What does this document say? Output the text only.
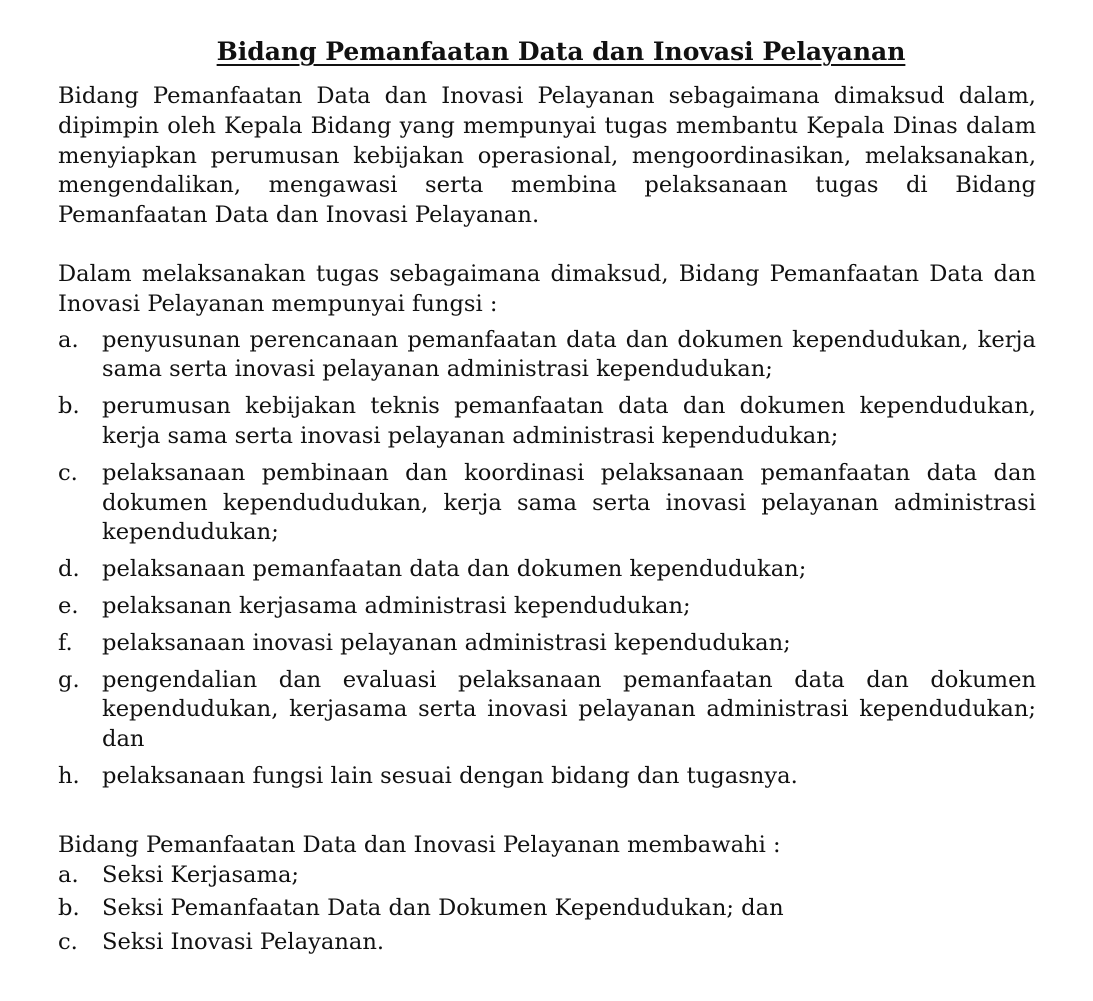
Bidang Pemanfaatan Data dan Inovasi Pelayanan

Bidang Pemanfaatan Data dan Inovasi Pelayanan sebagaimana dimaksud dalam, dipimpin oleh Kepala Bidang yang mempunyai tugas membantu Kepala Dinas dalam menyiapkan perumusan kebijakan operasional, mengoordinasikan, melaksanakan, mengendalikan, mengawasi serta membina pelaksanaan tugas di Bidang Pemanfaatan Data dan Inovasi Pelayanan.

Dalam melaksanakan tugas sebagaimana dimaksud, Bidang Pemanfaatan Data dan Inovasi Pelayanan mempunyai fungsi :

a.	penyusunan perencanaan pemanfaatan data dan dokumen kependudukan, kerja sama serta inovasi pelayanan administrasi kependudukan;
b. perumusan kebijakan teknis pemanfaatan data dan dokumen kependudukan, kerja sama serta inovasi pelayanan administrasi kependudukan;
c.	pelaksanaan pembinaan dan koordinasi pelaksanaan pemanfaatan data dan dokumen kependududukan, kerja sama serta inovasi pelayanan administrasi kependudukan;
d. pelaksanaan pemanfaatan data dan dokumen kependudukan;
e.	pelaksanan kerjasama administrasi kependudukan;
f.	pelaksanaan inovasi pelayanan administrasi kependudukan;
g. pengendalian dan evaluasi pelaksanaan pemanfaatan data dan dokumen kependudukan, kerjasama serta inovasi pelayanan administrasi kependudukan; dan
h. pelaksanaan fungsi lain sesuai dengan bidang dan tugasnya.

Bidang Pemanfaatan Data dan Inovasi Pelayanan membawahi :

a.	Seksi Kerjasama;
b. Seksi Pemanfaatan Data dan Dokumen Kependudukan; dan
c.	Seksi Inovasi Pelayanan.
